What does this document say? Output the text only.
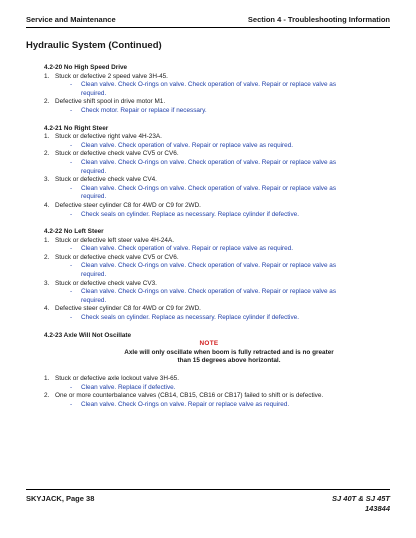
Service and Maintenance	Section 4 - Troubleshooting Information
Hydraulic System (Continued)
4.2-20 No High Speed Drive
1. Stuck or defective 2 speed valve 3H-45.
- Clean valve. Check O-rings on valve. Check operation of valve. Repair or replace valve as
required.
2. Defective shift spool in drive motor M1.
- Check motor. Repair or replace if necessary.
4.2-21 No Right Steer
1. Stuck or defective right valve 4H-23A.
- Clean valve. Check operation of valve. Repair or replace valve as required.
2. Stuck or defective check valve CV5 or CV6.
- Clean valve. Check O-rings on valve. Check operation of valve. Repair or replace valve as
required.
3. Stuck or defective check valve CV4.
- Clean valve. Check O-rings on valve. Check operation of valve. Repair or replace valve as
required.
4. Defective steer cylinder C8 for 4WD or C9 for 2WD.
- Check seals on cylinder. Replace as necessary. Replace cylinder if defective.
4.2-22 No Left Steer
1. Stuck or defective left steer valve 4H-24A.
- Clean valve. Check operation of valve. Repair or replace valve as required.
2. Stuck or defective check valve CV5 or CV6.
- Clean valve. Check O-rings on valve. Check operation of valve. Repair or replace valve as
required.
3. Stuck or defective check valve CV3.
- Clean valve. Check O-rings on valve. Check operation of valve. Repair or replace valve as
required.
4. Defective steer cylinder C8 for 4WD or C9 for 2WD.
- Check seals on cylinder. Replace as necessary. Replace cylinder if defective.
4.2-23 Axle Will Not Oscillate
NOTE
Axle will only oscillate when boom is fully retracted and is no greater
than 15 degrees above horizontal.
1. Stuck or defective axle lockout valve 3H-65.
- Clean valve. Replace if defective.
2. One or more counterbalance valves (CB14, CB15, CB16 or CB17) failed to shift or is defective.
- Clean valve. Check O-rings on valve. Repair or replace valve as required.
SKYJACK, Page 38	SJ 40T & SJ 45T
143844
